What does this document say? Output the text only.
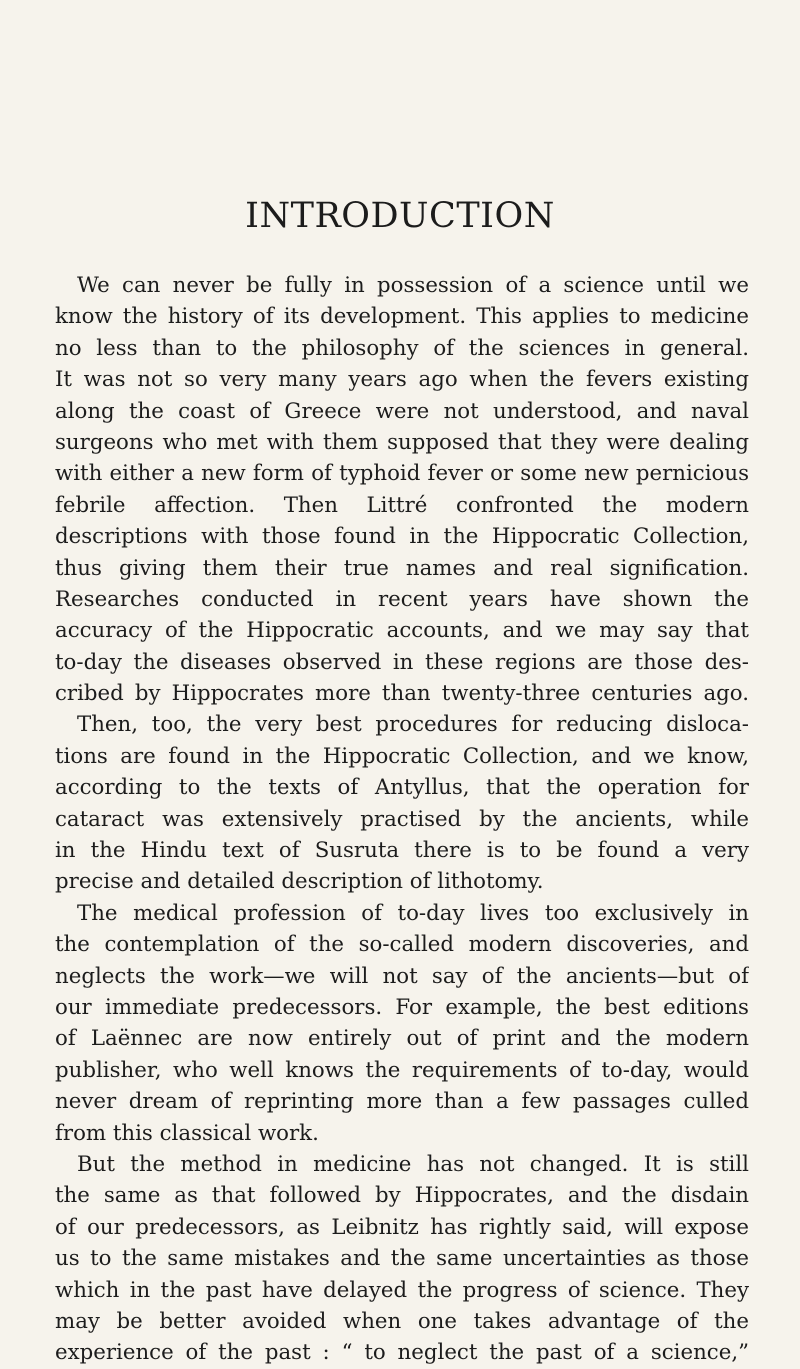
INTRODUCTION
We can never be fully in possession of a science until we
know the history of its development. This applies to medicine
no less than to the philosophy of the sciences in general.
It was not so very many years ago when the fevers existing
along the coast of Greece were not understood, and naval
surgeons who met with them supposed that they were dealing
with either a new form of typhoid fever or some new pernicious
febrile affection. Then Littré confronted the modern
descriptions with those found in the Hippocratic Collection,
thus giving them their true names and real signification.
Researches conducted in recent years have shown the
accuracy of the Hippocratic accounts, and we may say that
to-day the diseases observed in these regions are those des-
cribed by Hippocrates more than twenty-three centuries ago.
Then, too, the very best procedures for reducing disloca-
tions are found in the Hippocratic Collection, and we know,
according to the texts of Antyllus, that the operation for
cataract was extensively practised by the ancients, while
in the Hindu text of Susruta there is to be found a very
precise and detailed description of lithotomy.
The medical profession of to-day lives too exclusively in
the contemplation of the so-called modern discoveries, and
neglects the work—we will not say of the ancients—but of
our immediate predecessors. For example, the best editions
of Laënnec are now entirely out of print and the modern
publisher, who well knows the requirements of to-day, would
never dream of reprinting more than a few passages culled
from this classical work.
But the method in medicine has not changed. It is still
the same as that followed by Hippocrates, and the disdain
of our predecessors, as Leibnitz has rightly said, will expose
us to the same mistakes and the same uncertainties as those
which in the past have delayed the progress of science. They
may be better avoided when one takes advantage of the
experience of the past : “ to neglect the past of a science,”
